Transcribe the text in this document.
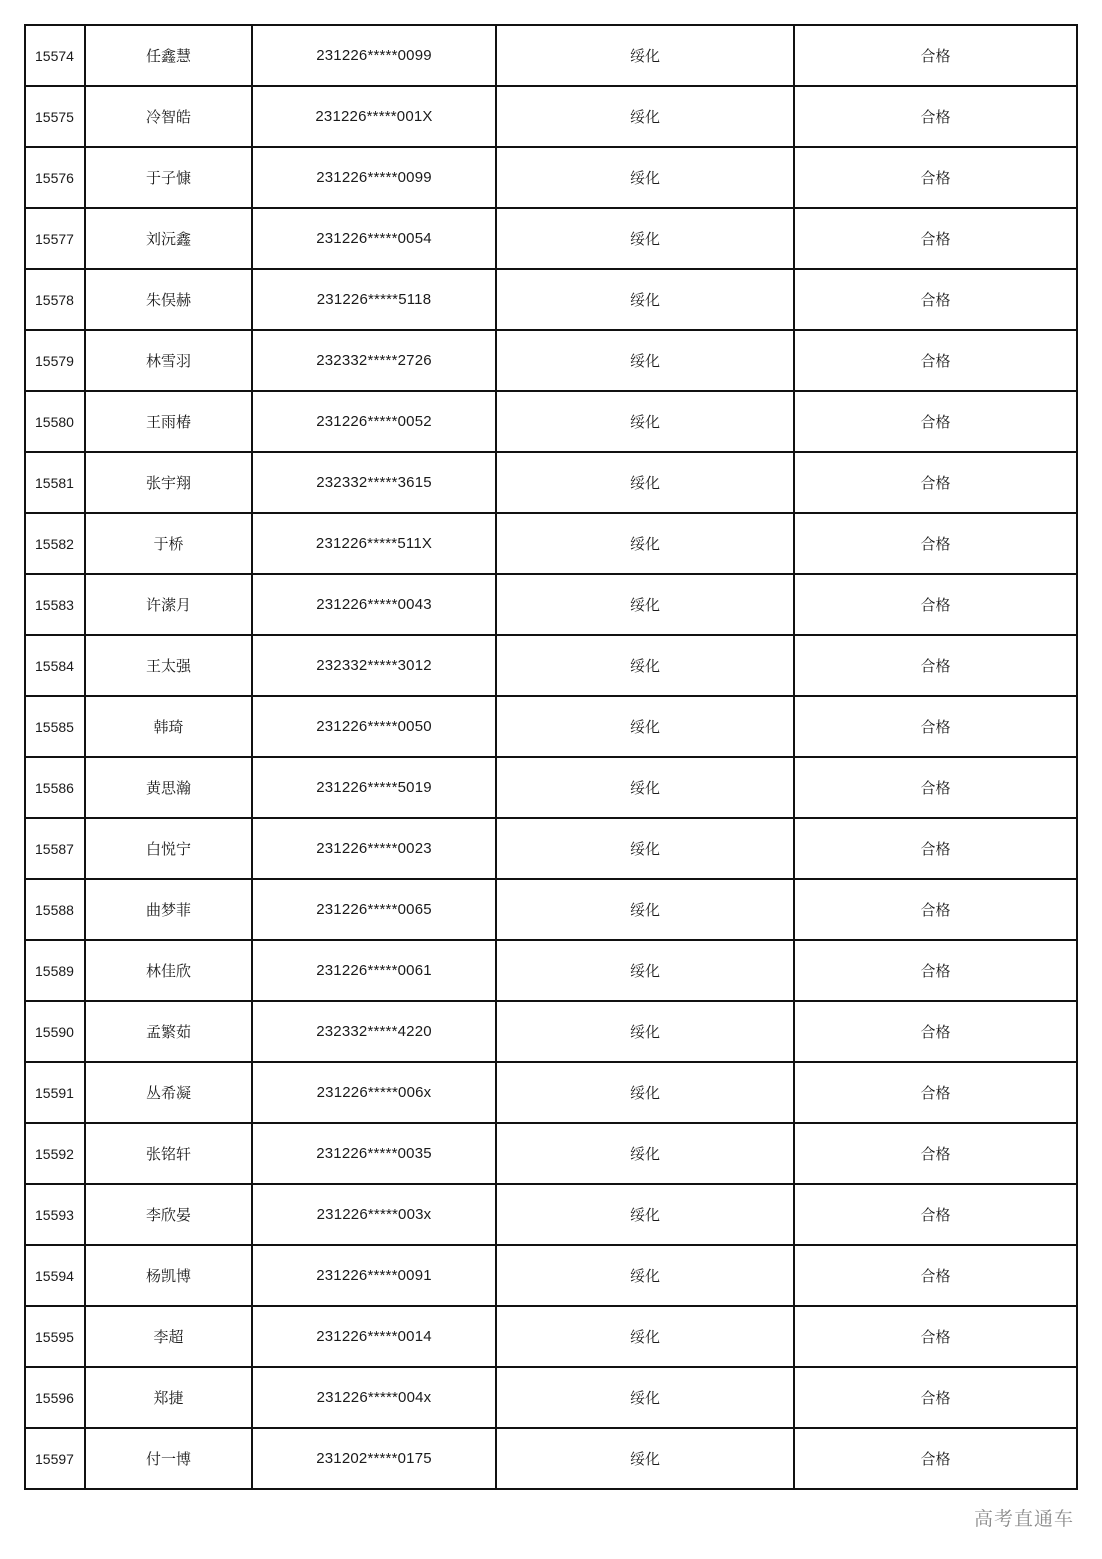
15574	任鑫慧	231226*****0099	绥化	合格
15575	冷智皓	231226*****001X	绥化	合格
15576	于子慷	231226*****0099	绥化	合格
15577	刘沅鑫	231226*****0054	绥化	合格
15578	朱俣赫	231226*****5118	绥化	合格
15579	林雪羽	232332*****2726	绥化	合格
15580	王雨椿	231226*****0052	绥化	合格
15581	张宇翔	232332*****3615	绥化	合格
15582	于桥	231226*****511X	绥化	合格
15583	许潆月	231226*****0043	绥化	合格
15584	王太强	232332*****3012	绥化	合格
15585	韩琦	231226*****0050	绥化	合格
15586	黄思瀚	231226*****5019	绥化	合格
15587	白悦宁	231226*****0023	绥化	合格
15588	曲梦菲	231226*****0065	绥化	合格
15589	林佳欣	231226*****0061	绥化	合格
15590	孟繁茹	232332*****4220	绥化	合格
15591	丛希凝	231226*****006x	绥化	合格
15592	张铭轩	231226*****0035	绥化	合格
15593	李欣晏	231226*****003x	绥化	合格
15594	杨凯博	231226*****0091	绥化	合格
15595	李超	231226*****0014	绥化	合格
15596	郑捷	231226*****004x	绥化	合格
15597	付一博	231202*****0175	绥化	合格
高考直通车
